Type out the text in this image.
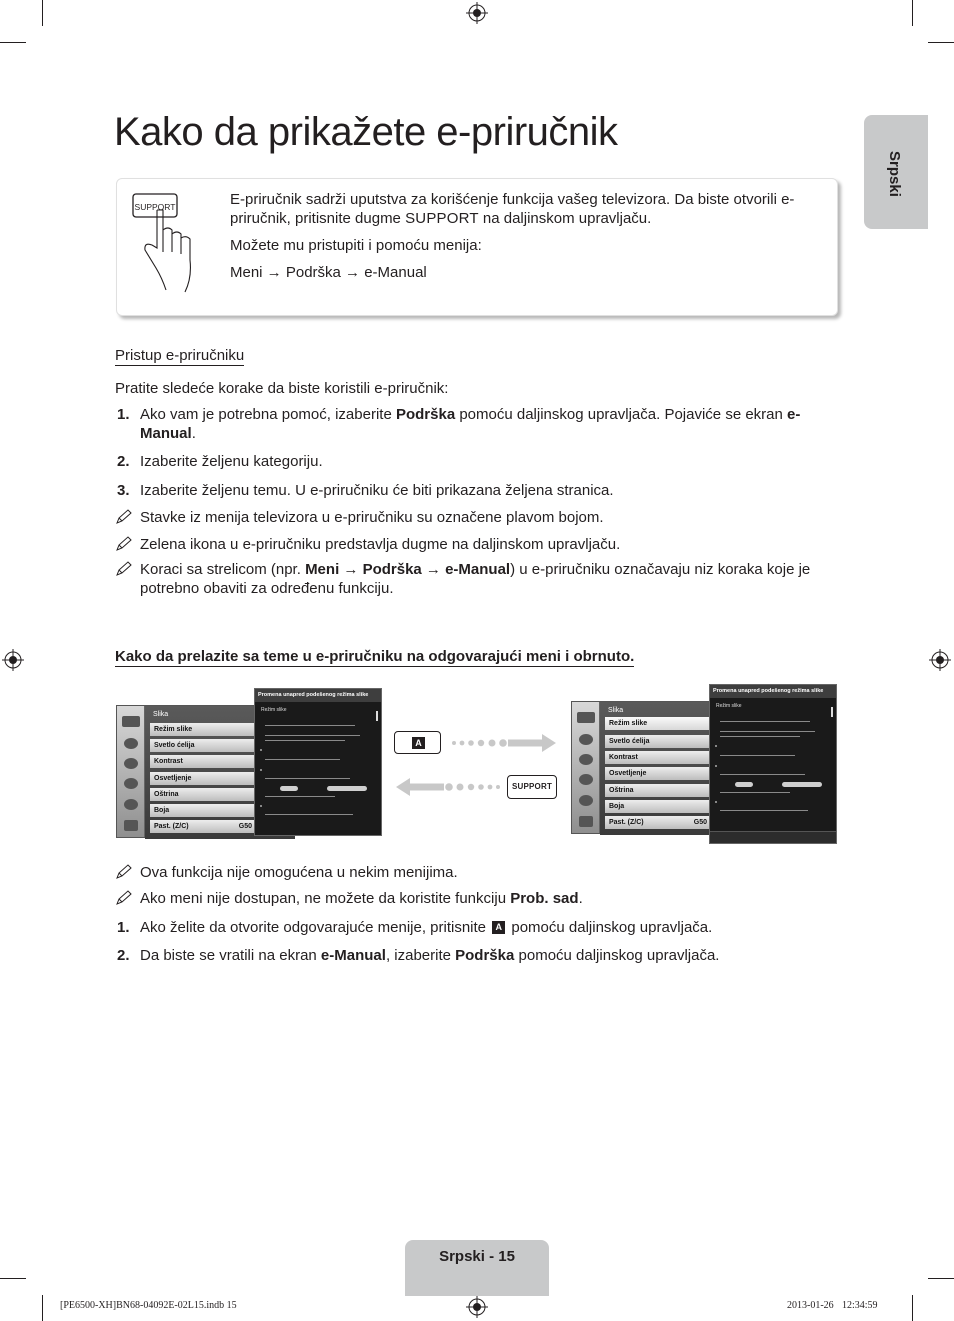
Kako da prikažete e-priručnik
Srpski
SUPPORT	E-priručnik sadrži uputstva za korišćenje funkcija vašeg televizora. Da biste otvorili e-priručnik, pritisnite dugme SUPPORT na daljinskom upravljaču.

Možete mu pristupiti i pomoću menija:

Meni → Podrška → e-Manual

Pristup e-priručniku
Pratite sledeće korake da biste koristili e-priručnik:
1. Ako vam je potrebna pomoć, izaberite Podrška pomoću daljinskog upravljača. Pojaviće se ekran e-Manual.
2. Izaberite željenu kategoriju.
3. Izaberite željenu temu. U e-priručniku će biti prikazana željena stranica.
Stavke iz menija televizora u e-priručniku su označene plavom bojom.
Zelena ikona u e-priručniku predstavlja dugme na daljinskom upravljaču.
Koraci sa strelicom (npr. Meni → Podrška → e-Manual) u e-priručniku označavaju niz koraka koje je potrebno obaviti za određenu funkciju.
Kako da prelazite sa teme u e-priručniku na odgovarajući meni i obrnuto.
Slika
Režim slike
Svetlo ćelija
Kontrast
Osvetljenje
Oštrina
Boja
Past. (Z/C)	G50
Promena unapred podešenog režima slike
Režim slike
A
SUPPORT
Slika
Režim slike
Svetlo ćelija
Kontrast
Osvetljenje
Oštrina
Boja
Past. (Z/C)	G50
Promena unapred podešenog režima slike
Režim slike
Ova funkcija nije omogućena u nekim menijima.
Ako meni nije dostupan, ne možete da koristite funkciju Prob. sad.
1. Ako želite da otvorite odgovarajuće menije, pritisnite A pomoću daljinskog upravljača.
2. Da biste se vratili na ekran e-Manual, izaberite Podrška pomoću daljinskog upravljača.
Srpski - 15
[PE6500-XH]BN68-04092E-02L15.indb 15	2013-01-26    12:34:59
